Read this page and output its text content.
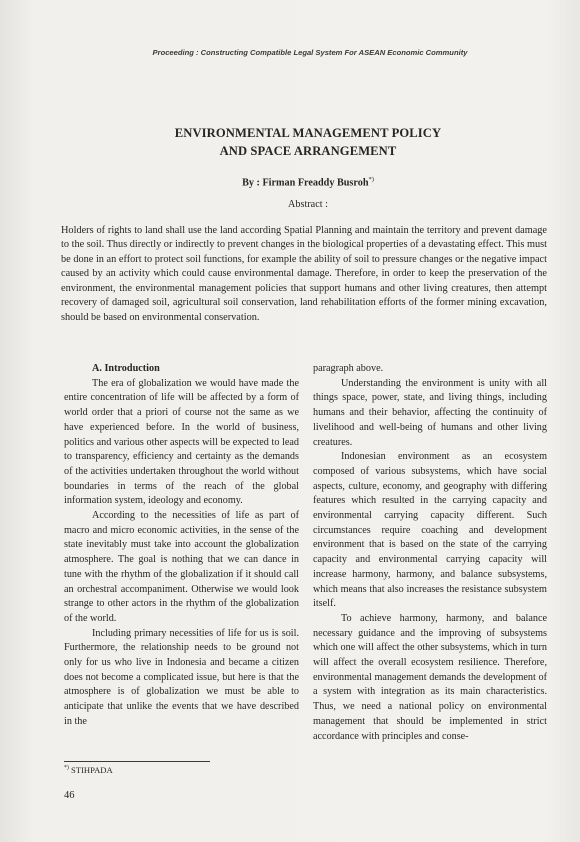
Proceeding : Constructing Compatible Legal System For ASEAN Economic Community
ENVIRONMENTAL MANAGEMENT POLICY
AND SPACE ARRANGEMENT
By : Firman Freaddy Busroh*)
Abstract :
Holders of rights to land shall use the land according Spatial Planning and maintain the territory and prevent damage to the soil. Thus directly or indirectly to prevent changes in the biological properties of a devastating effect. This must be done in an effort to protect soil functions, for example the ability of soil to pressure changes or the negative impact caused by an activity which could cause environmental damage. Therefore, in order to keep the preservation of the environment, the environmental management policies that support humans and other living creatures, then attempt recovery of damaged soil, agricultural soil conservation, land rehabilitation efforts of the former mining excavation, should be based on environmental conservation.

A. Introduction

The era of globalization we would have made the entire concentration of life will be affected by a form of world order that a priori of course not the same as we have experienced before. In the world of business, politics and various other aspects will be expected to lead to transparency, efficiency and certainty as the demands of the activities undertaken throughout the world without boundaries in terms of the reach of the global information system, ideology and economy.

According to the necessities of life as part of macro and micro economic activities, in the sense of the state inevitably must take into account the globalization atmosphere. The goal is nothing that we can dance in tune with the rhythm of the globalization if it should call an orchestral accompaniment. Otherwise we would look strange to other actors in the rhythm of the globalization of the world.

Including primary necessities of life for us is soil. Furthermore, the relationship needs to be ground not only for us who live in Indonesia and became a citizen does not become a complicated issue, but here is that the atmosphere is of globalization we must be able to anticipate that unlike the events that we have described in the

paragraph above.

Understanding the environment is unity with all things space, power, state, and living things, including humans and their behavior, affecting the continuity of livelihood and well-being of humans and other living creatures.

Indonesian environment as an ecosystem composed of various subsystems, which have social aspects, culture, economy, and geography with differing features which resulted in the carrying capacity and environmental carrying capacity different. Such circumstances require coaching and development environment that is based on the state of the carrying capacity and environmental carrying capacity will increase harmony, harmony, and balance subsystems, which means that also increases the resistance subsystem itself.

To achieve harmony, harmony, and balance necessary guidance and the improving of subsystems which one will affect the other subsystems, which in turn will affect the overall ecosystem resilience. Therefore, environmental management demands the development of a system with integration as its main characteristics. Thus, we need a national policy on environmental management that should be implemented in strict accordance with principles and conse-

*) STIHPADA
46
